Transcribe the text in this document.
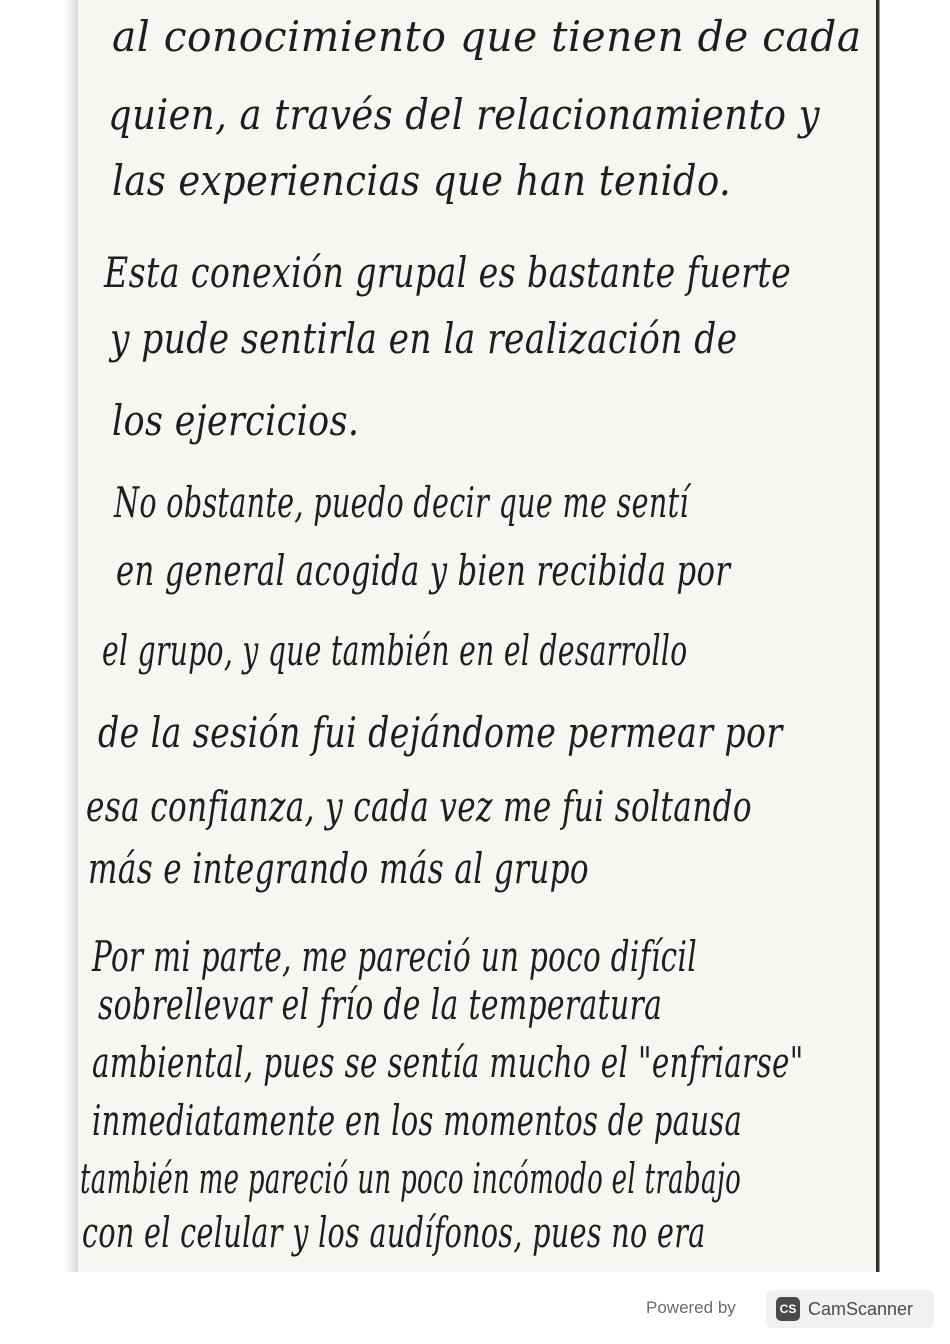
al conocimiento que tienen de cada

quien, a través del relacionamiento y

las experiencias que han tenido.

Esta conexión grupal es bastante fuerte

y pude sentirla en la realización de

los ejercicios.

No obstante, puedo decir que me sentí

en general acogida y bien recibida por

el grupo, y que también en el desarrollo

de la sesión fui dejándome permear por

esa confianza, y cada vez me fui soltando

más e integrando más al grupo

Por mi parte, me pareció un poco difícil

sobrellevar el frío de la temperatura

ambiental, pues se sentía mucho el "enfriarse"

inmediatamente en los momentos de pausa

también me pareció un poco incómodo el trabajo

con el celular y los audífonos, pues no era

Powered by	CS CamScanner
